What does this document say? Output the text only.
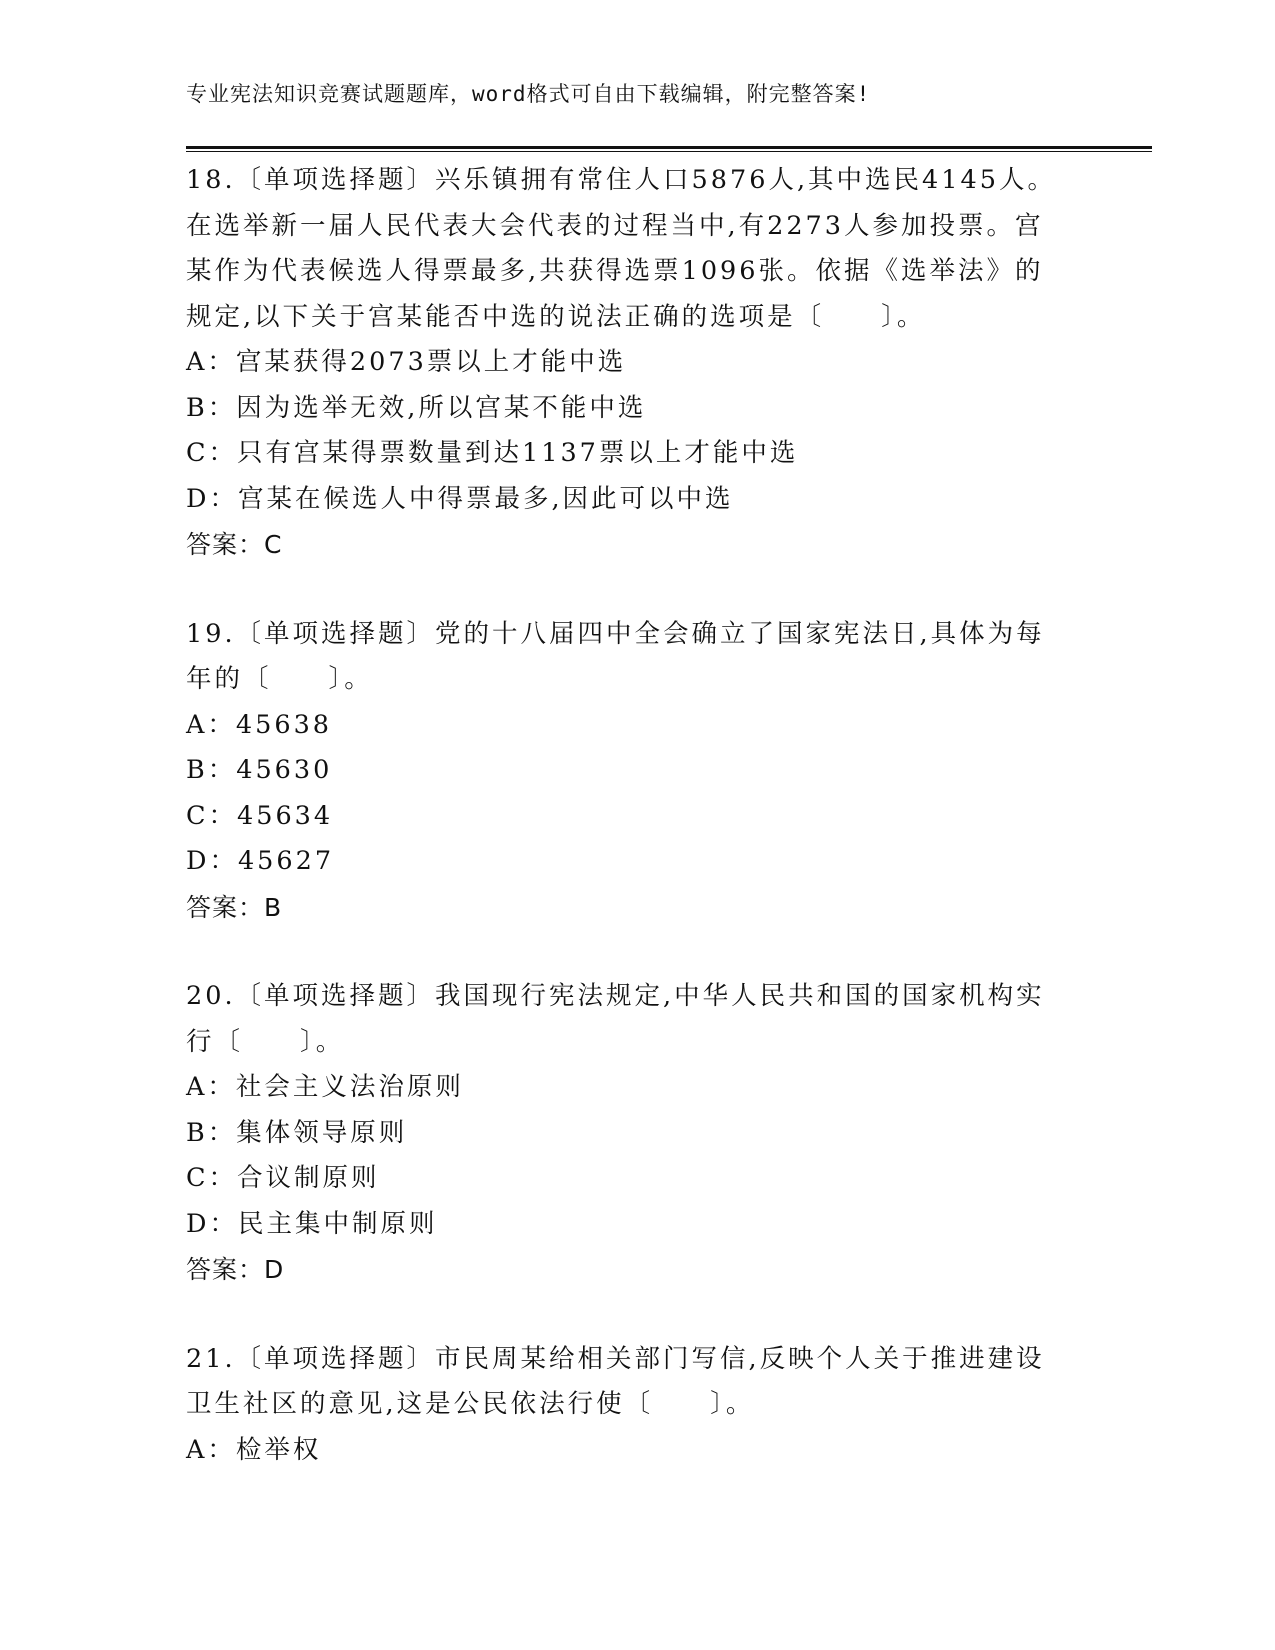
专业宪法知识竞赛试题题库，word格式可自由下载编辑，附完整答案!

18.〔单项选择题〕兴乐镇拥有常住人口5876人,其中选民4145人。在选举新一届人民代表大会代表的过程当中,有2273人参加投票。宫某作为代表候选人得票最多,共获得选票1096张。依据《选举法》的规定,以下关于宫某能否中选的说法正确的选项是〔　　〕。

A：宫某获得2073票以上才能中选

B：因为选举无效,所以宫某不能中选

C：只有宫某得票数量到达1137票以上才能中选

D：宫某在候选人中得票最多,因此可以中选

答案：C

19.〔单项选择题〕党的十八届四中全会确立了国家宪法日,具体为每年的〔　　〕。

A：45638

B：45630

C：45634

D：45627

答案：B

20.〔单项选择题〕我国现行宪法规定,中华人民共和国的国家机构实行〔　　〕。

A：社会主义法治原则

B：集体领导原则

C：合议制原则

D：民主集中制原则

答案：D

21.〔单项选择题〕市民周某给相关部门写信,反映个人关于推进建设卫生社区的意见,这是公民依法行使〔　　〕。

A：检举权
